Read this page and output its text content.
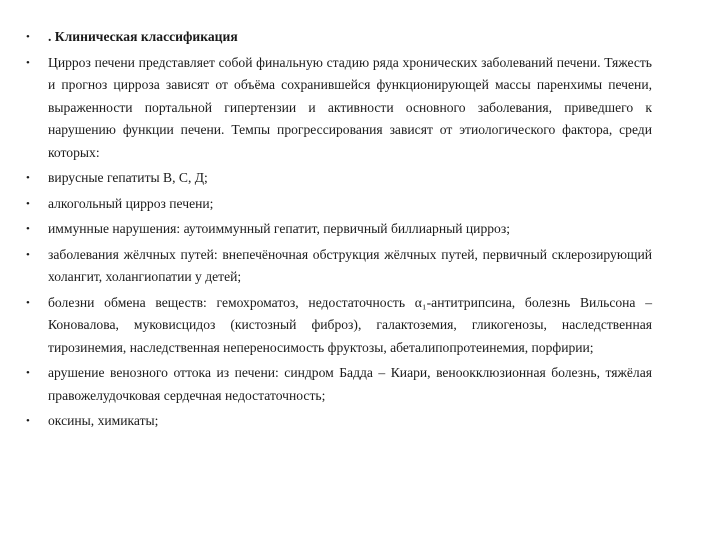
• . Клиническая классификация
• Цирроз печени представляет собой финальную стадию ряда хронических заболеваний печени. Тяжесть и прогноз цирроза зависят от объёма сохранившейся функционирующей массы паренхимы печени, выраженности портальной гипертензии и активности основного заболевания, приведшего к нарушению функции печени. Темпы прогрессирования зависят от этиологического фактора, среди которых:
• вирусные гепатиты В, С, Д;
• алкогольный цирроз печени;
• иммунные нарушения: аутоиммунный гепатит, первичный биллиарный цирроз;
• заболевания жёлчных путей: внепечёночная обструкция жёлчных путей, первичный склерозирующий холангит, холангиопатии у детей;
• болезни обмена веществ: гемохроматоз, недостаточность α₁-антитрипсина, болезнь Вильсона – Коновалова, муковисцидоз (кистозный фиброз), галактоземия, гликогенозы, наследственная тирозинемия, наследственная непереносимость фруктозы, абеталипопротеинемия, порфирии;
• арушение венозного оттока из печени: синдром Бадда – Киари, веноокклюзионная болезнь, тяжёлая правожелудочковая сердечная недостаточность;
• оксины, химикаты;
